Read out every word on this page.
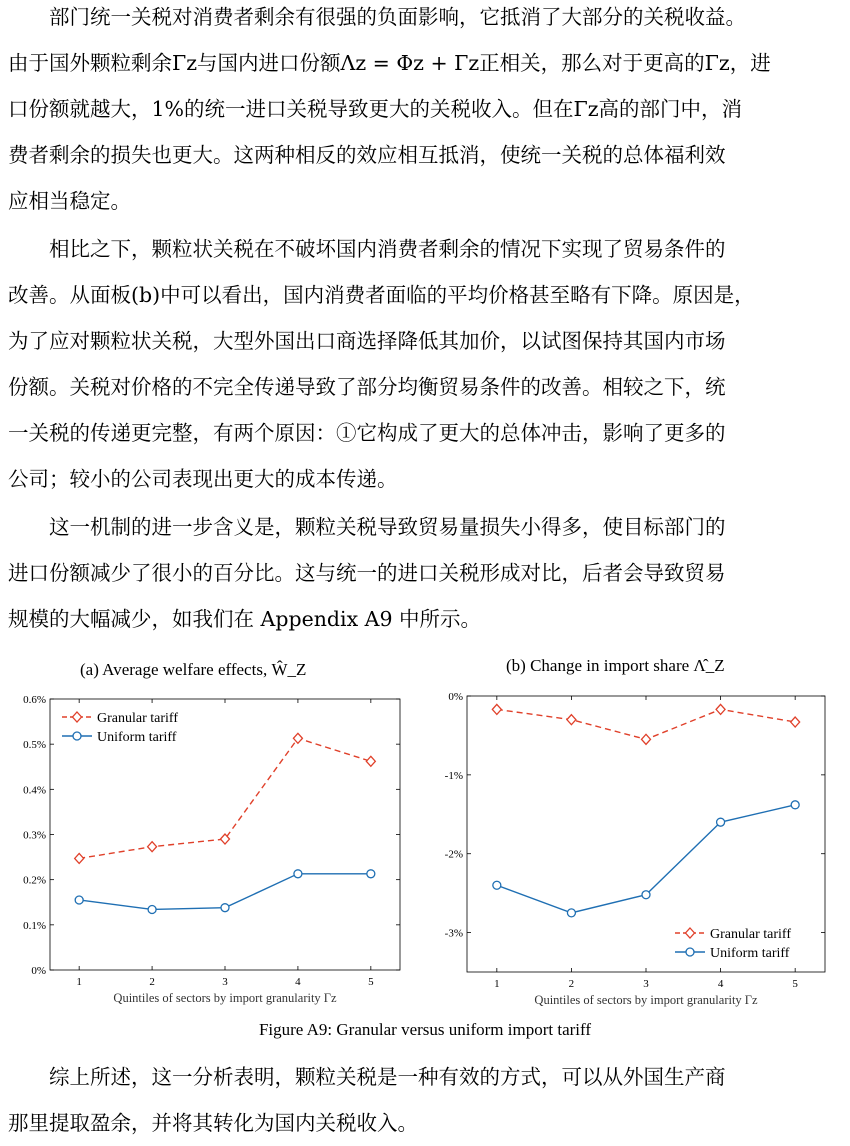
部门统一关税对消费者剩余有很强的负面影响，它抵消了大部分的关税收益。
由于国外颗粒剩余Γz与国内进口份额Λz = Φz + Γz正相关，那么对于更高的Γz，进
口份额就越大，1%的统一进口关税导致更大的关税收入。但在Γz高的部门中，消
费者剩余的损失也更大。这两种相反的效应相互抵消，使统一关税的总体福利效
应相当稳定。
相比之下，颗粒状关税在不破坏国内消费者剩余的情况下实现了贸易条件的
改善。从面板(b)中可以看出，国内消费者面临的平均价格甚至略有下降。原因是，
为了应对颗粒状关税，大型外国出口商选择降低其加价，以试图保持其国内市场
份额。关税对价格的不完全传递导致了部分均衡贸易条件的改善。相较之下，统
一关税的传递更完整，有两个原因：①它构成了更大的总体冲击，影响了更多的
公司；较小的公司表现出更大的成本传递。
这一机制的进一步含义是，颗粒关税导致贸易量损失小得多，使目标部门的
进口份额减少了很小的百分比。这与统一的进口关税形成对比，后者会导致贸易
规模的大幅减少，如我们在 Appendix A9 中所示。
(a) Average welfare effects, Ŵ_Z	(b) Change in import share Λ̂_Z
0%
0.1%
0.2%
0.3%
0.4%
0.5%
0.6%
1	2	3	4	5
Quintiles of sectors by import granularity Γz
Granular tariff
Uniform tariff
0%
-1%
-2%
-3%
1	2	3	4	5
Quintiles of sectors by import granularity Γz
Granular tariff
Uniform tariff
Figure A9: Granular versus uniform import tariff
综上所述，这一分析表明，颗粒关税是一种有效的方式，可以从外国生产商
那里提取盈余，并将其转化为国内关税收入。
